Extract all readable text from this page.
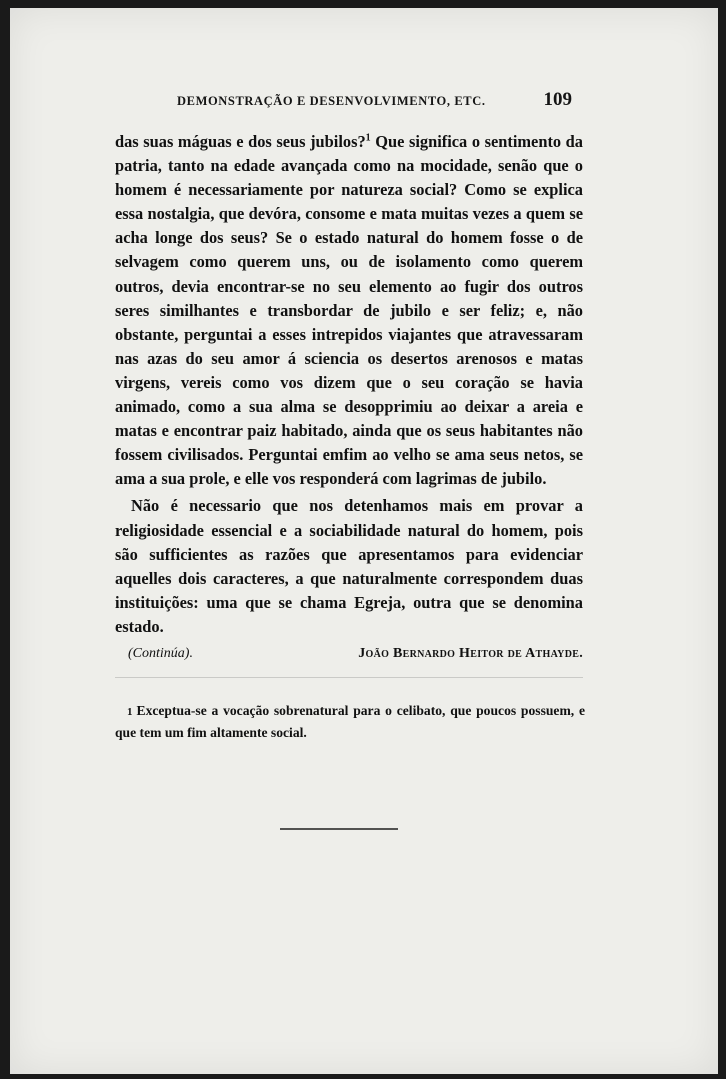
DEMONSTRAÇÃO E DESENVOLVIMENTO, ETC.	109

das suas máguas e dos seus jubilos?$^1$ Que significa o sentimento da patria, tanto na edade avançada como na mocidade, senão que o homem é necessariamente por natureza social? Como se explica essa nostalgia, que devóra, consome e mata muitas vezes a quem se acha longe dos seus? Se o estado natural do homem fosse o de selvagem como querem uns, ou de isolamento como querem outros, devia encontrar-se no seu elemento ao fugir dos outros seres similhantes e transbordar de jubilo e ser feliz; e, não obstante, perguntai a esses intrepidos viajantes que atravessaram nas azas do seu amor á sciencia os desertos arenosos e matas virgens, vereis como vos dizem que o seu coração se havia animado, como a sua alma se desopprimiu ao deixar a areia e matas e encontrar paiz habitado, ainda que os seus habitantes não fossem civilisados. Perguntai emfim ao velho se ama seus netos, se ama a sua prole, e elle vos responderá com lagrimas de jubilo.

Não é necessario que nos detenhamos mais em provar a religiosidade essencial e a sociabilidade natural do homem, pois são sufficientes as razões que apresentamos para evidenciar aquelles dois caracteres, a que naturalmente correspondem duas instituições: uma que se chama Egreja, outra que se denomina estado.

(Continúa).	João Bernardo Heitor de Athayde.
1 Exceptua-se a vocação sobrenatural para o celibato, que poucos possuem, e que tem um fim altamente social.
